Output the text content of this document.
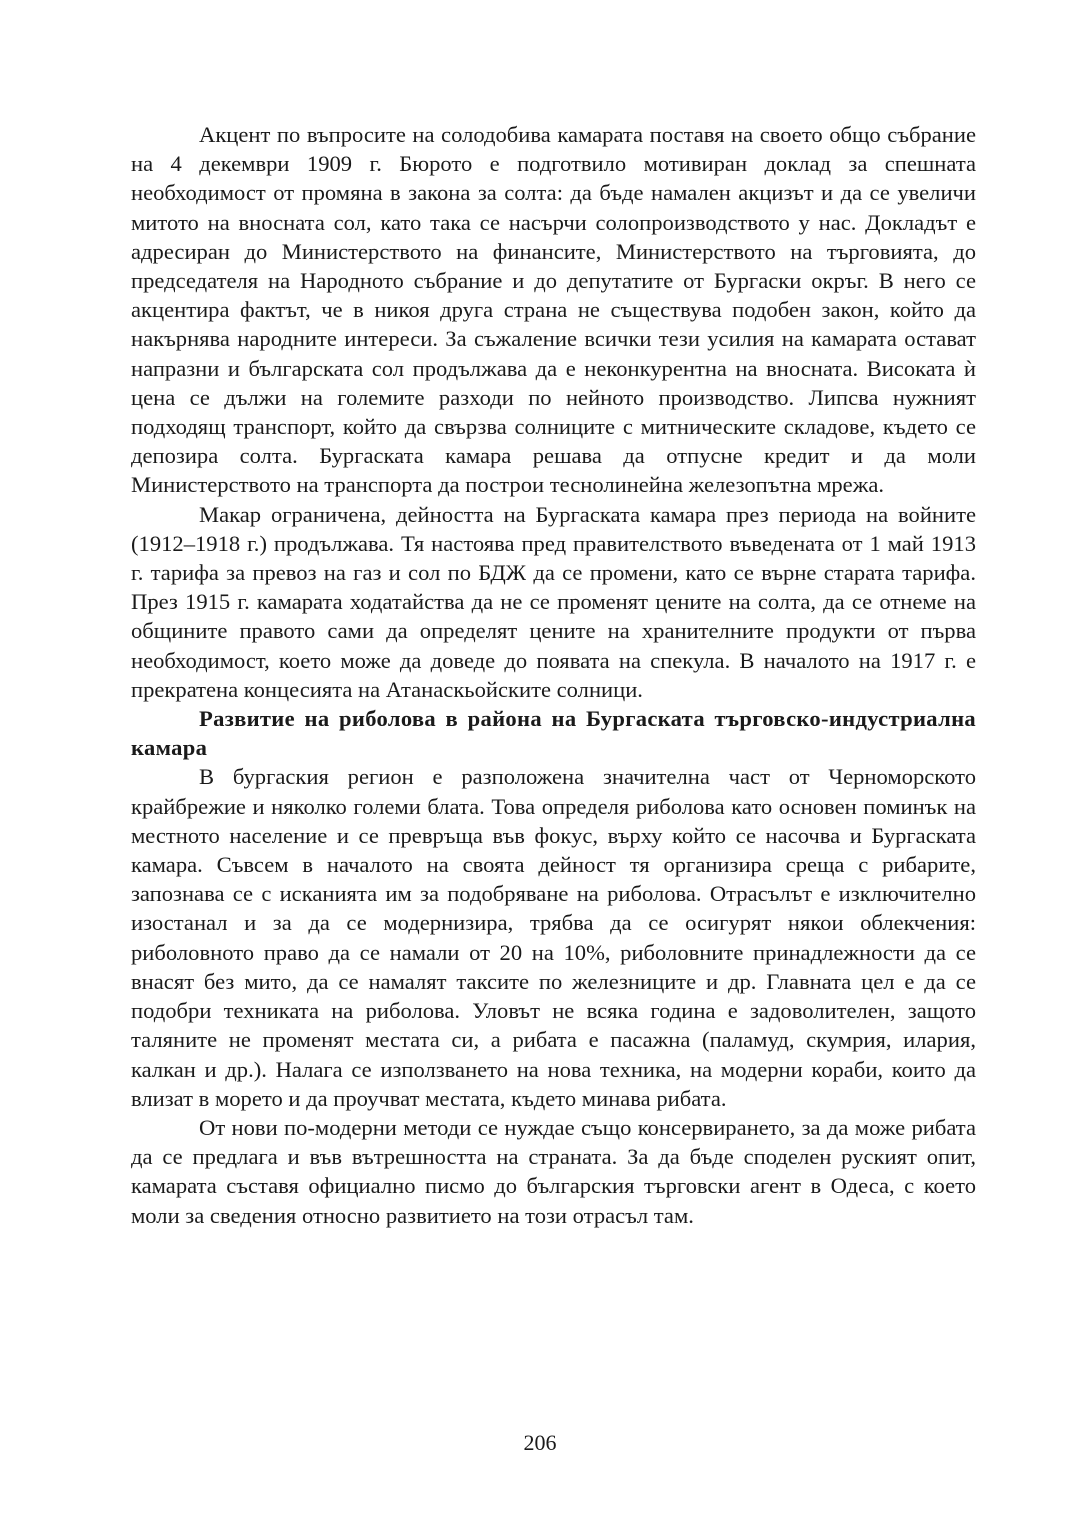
Акцент по въпросите на солодобива камарата поставя на своето общо събрание на 4 декември 1909 г. Бюрото е подготвило мотивиран доклад за спешната необходимост от промяна в закона за солта: да бъде намален акцизът и да се увеличи митото на вносната сол, като така се насърчи солопроизводството у нас. Докладът е адресиран до Министерството на финансите, Министерството на търговията, до председателя на Народното събрание и до депутатите от Бургаски окръг. В него се акцентира фактът, че в никоя друга страна не съществува подобен закон, който да накърнява народните интереси. За съжаление всички тези усилия на камарата остават напразни и българската сол продължава да е неконкурентна на вносната. Високата ѝ цена се дължи на големите разходи по нейното производство. Липсва нужният подходящ транспорт, който да свързва солниците с митническите складове, където се депозира солта. Бургаската камара решава да отпусне кредит и да моли Министерството на транспорта да построи теснолинейна железопътна мрежа.

Макар ограничена, дейността на Бургаската камара през периода на войните (1912–1918 г.) продължава. Тя настоява пред правителството въведената от 1 май 1913 г. тарифа за превоз на газ и сол по БДЖ да се промени, като се върне старата тарифа. През 1915 г. камарата ходатайства да не се променят цените на солта, да се отнеме на общините правото сами да определят цените на хранителните продукти от първа необходимост, което може да доведе до появата на спекула. В началото на 1917 г. е прекратена концесията на Атанаскьойските солници.

Развитие на риболова в района на Бургаската търговско-индустриална камара

В бургаския регион е разположена значителна част от Черноморското крайбрежие и няколко големи блата. Това определя риболова като основен поминък на местното население и се превръща във фокус, върху който се насочва и Бургаската камара. Съвсем в началото на своята дейност тя организира среща с рибарите, запознава се с исканията им за подобряване на риболова. Отрасълът е изключително изостанал и за да се модернизира, трябва да се осигурят някои облекчения: риболовното право да се намали от 20 на 10%, риболовните принадлежности да се внасят без мито, да се намалят таксите по железниците и др. Главната цел е да се подобри техниката на риболова. Уловът не всяка година е задоволителен, защото таляните не променят местата си, а рибата е пасажна (паламуд, скумрия, илария, калкан и др.). Налага се използването на нова техника, на модерни кораби, които да влизат в морето и да проучват местата, където минава рибата.

От нови по-модерни методи се нуждае също консервирането, за да може рибата да се предлага и във вътрешността на страната. За да бъде споделен руският опит, камарата съставя официално писмо до българския търговски агент в Одеса, с което моли за сведения относно развитието на този отрасъл там.

206
